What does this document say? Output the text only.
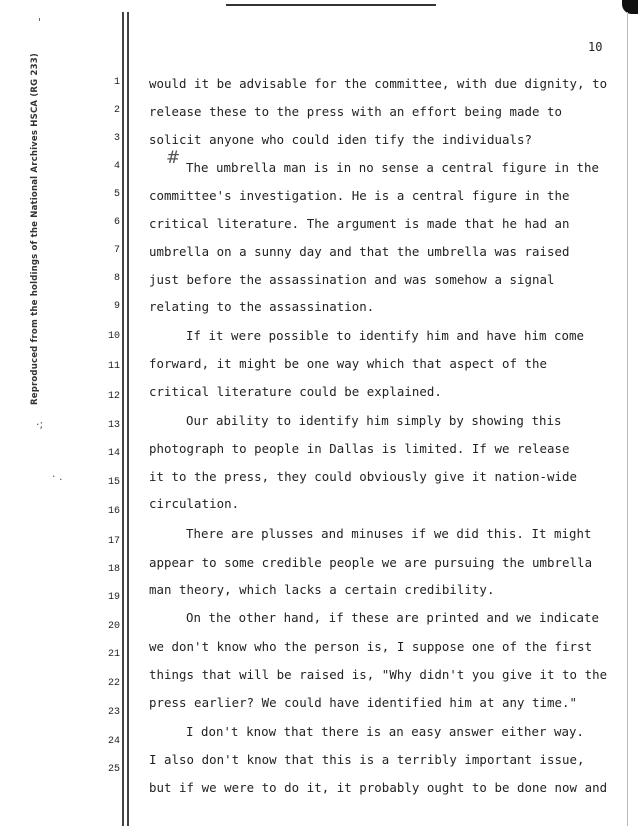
Reproduced from the holdings of the National Archives HSCA (RG 233)
'
·;
· .
10
1
2
3
4
5
6
7
8
9
10
11
12
13
14
15
16
17
18
19
20
21
22
23
24
25
#
would it be advisable for the committee, with due dignity, to
release these to the press with an effort being made to
solicit anyone who could iden tify the individuals?
The umbrella man is in no sense a central figure in the
committee's investigation. He is a central figure in the
critical literature. The argument is made that he had an
umbrella on a sunny day and that the umbrella was raised
just before the assassination and was somehow a signal
relating to the assassination.
If it were possible to identify him and have him come
forward, it might be one way which that aspect of the
critical literature could be explained.
Our ability to identify him simply by showing this
photograph to people in Dallas is limited. If we release
it to the press, they could obviously give it nation-wide
circulation.
There are plusses and minuses if we did this. It might
appear to some credible people we are pursuing the umbrella
man theory, which lacks a certain credibility.
On the other hand, if these are printed and we indicate
we don't know who the person is, I suppose one of the first
things that will be raised is, "Why didn't you give it to the
press earlier? We could have identified him at any time."
I don't know that there is an easy answer either way.
I also don't know that this is a terribly important issue,
but if we were to do it, it probably ought to be done now and
